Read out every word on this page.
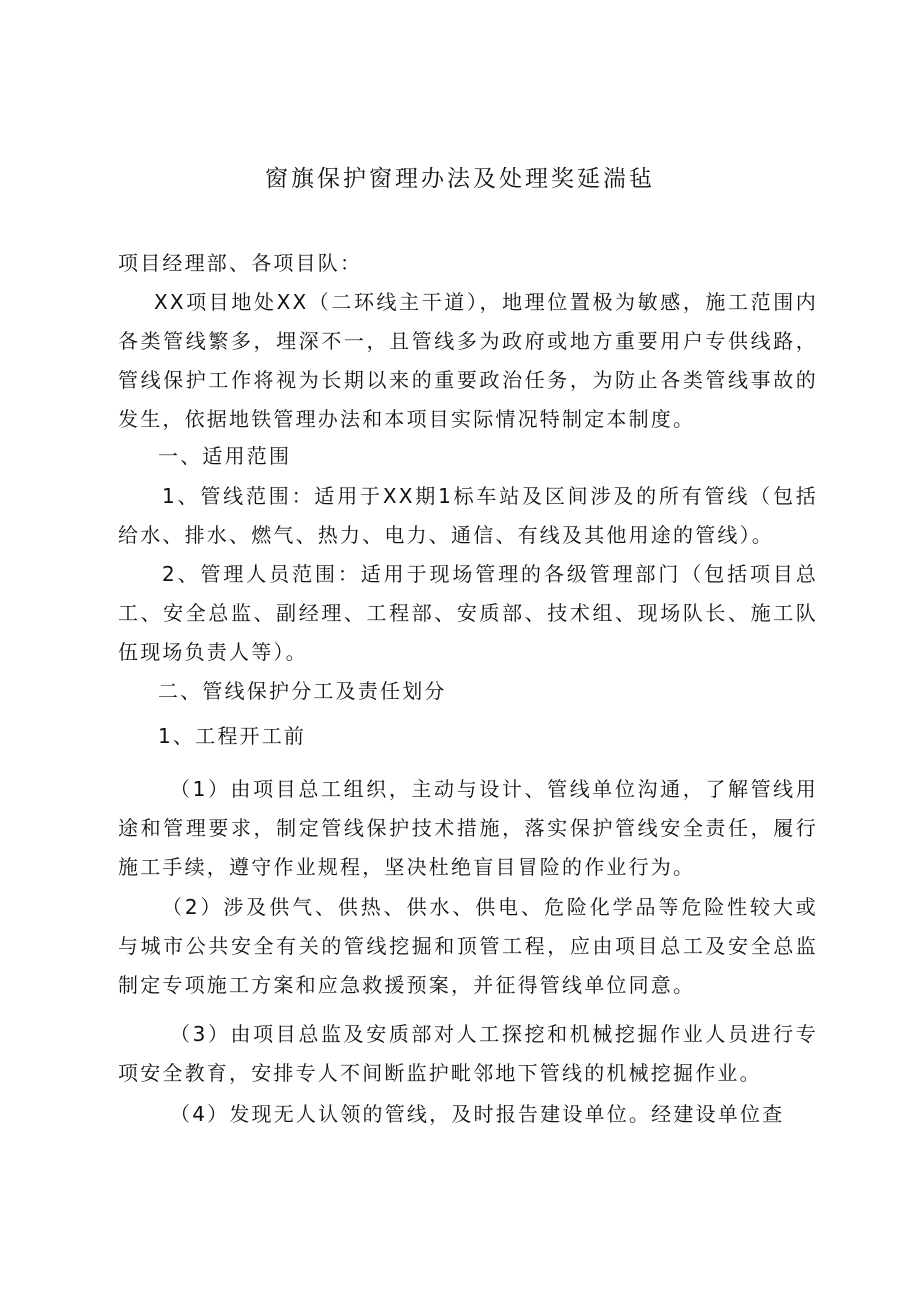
窗旗保护窗理办法及处理奖延湍毡

项目经理部、各项目队：

XX项目地处XX（二环线主干道），地理位置极为敏感，施工范围内各类管线繁多，埋深不一，且管线多为政府或地方重要用户专供线路，管线保护工作将视为长期以来的重要政治任务，为防止各类管线事故的发生，依据地铁管理办法和本项目实际情况特制定本制度。

一、适用范围

1、管线范围：适用于XX期1标车站及区间涉及的所有管线（包括给水、排水、燃气、热力、电力、通信、有线及其他用途的管线）。

2、管理人员范围：适用于现场管理的各级管理部门（包括项目总工、安全总监、副经理、工程部、安质部、技术组、现场队长、施工队伍现场负责人等）。

二、管线保护分工及责任划分

1、工程开工前

（1）由项目总工组织，主动与设计、管线单位沟通，了解管线用途和管理要求，制定管线保护技术措施，落实保护管线安全责任，履行施工手续，遵守作业规程，坚决杜绝盲目冒险的作业行为。

（2）涉及供气、供热、供水、供电、危险化学品等危险性较大或与城市公共安全有关的管线挖掘和顶管工程，应由项目总工及安全总监制定专项施工方案和应急救援预案，并征得管线单位同意。

（3）由项目总监及安质部对人工探挖和机械挖掘作业人员进行专项安全教育，安排专人不间断监护毗邻地下管线的机械挖掘作业。

（4）发现无人认领的管线，及时报告建设单位。经建设单位查
